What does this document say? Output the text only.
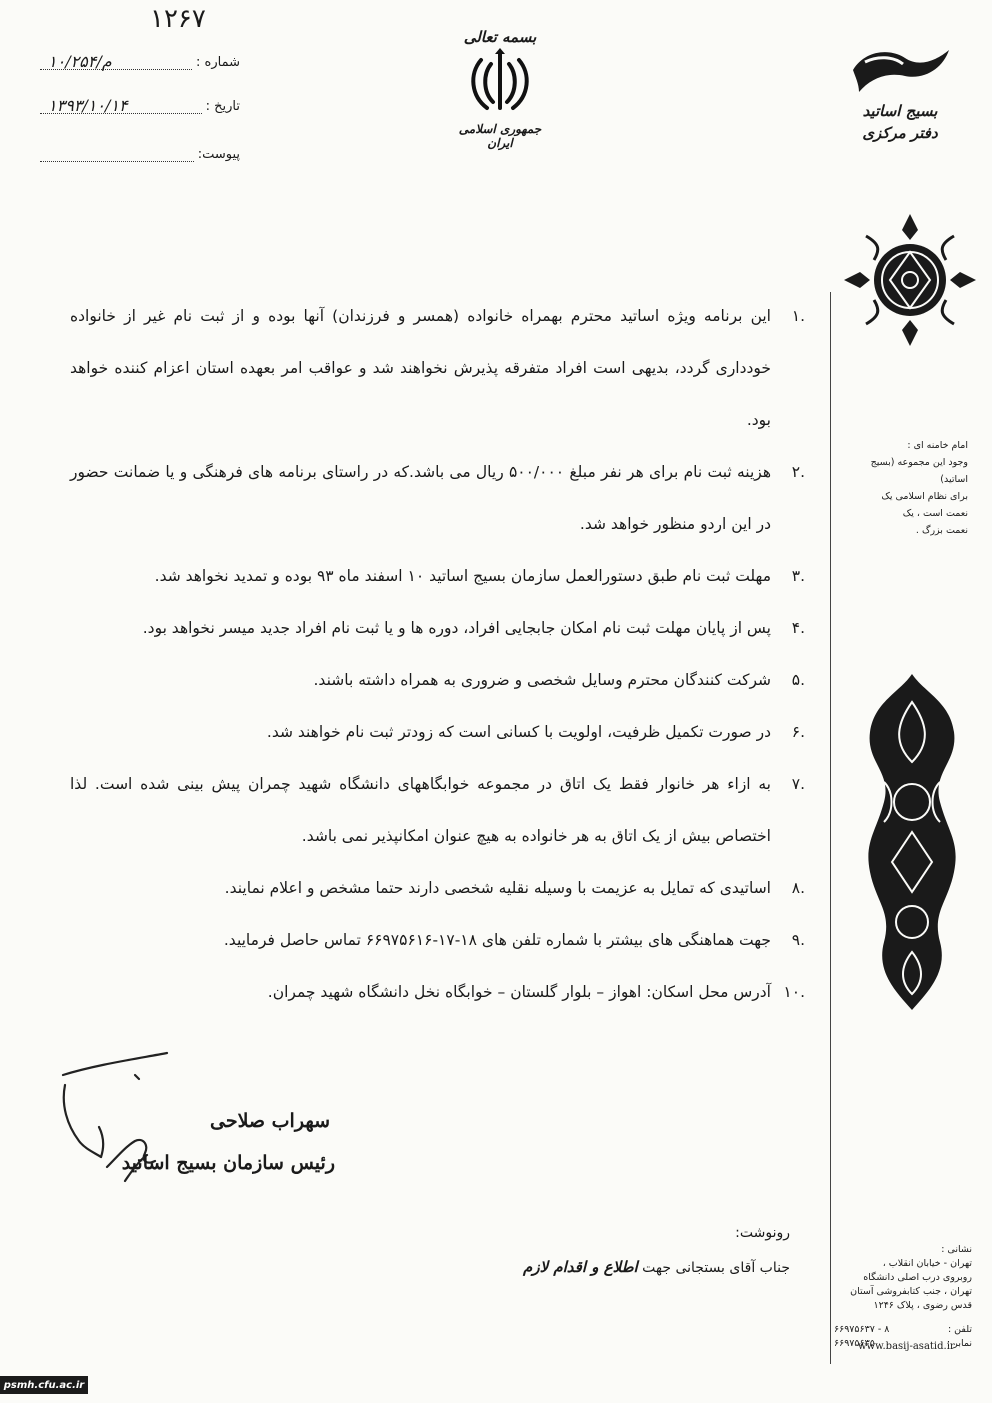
۱۲۶۷
شماره :
۱۰/۲۵۴/م
تاریخ :
۱۳۹۳/۱۰/۱۴
پیوست:
بسمه تعالی
جمهوری اسلامی ایران
بسیج اساتید
دفتر مرکزی
امام خامنه ای :
وجود این مجموعه (بسیج اساتید)
برای نظام اسلامی یک
نعمت است ، یک
نعمت بزرگ .
نشانی :
تهران - خیابان انقلاب ،
روبروی درب اصلی دانشگاه
تهران ، جنب کتابفروشی آستان
قدس رضوی ، پلاک ۱۲۴۶
تلفن :
۸ - ۶۶۹۷۵۶۳۷
نمابر :
۶۶۹۷۵۶۳۵
www.basij-asatid.ir
.۱
این برنامه ویژه اساتید محترم بهمراه خانواده (همسر و فرزندان) آنها بوده و از ثبت نام غیر از خانواده خودداری گردد، بدیهی است افراد متفرقه پذیرش نخواهند شد و عواقب امر بعهده استان اعزام کننده خواهد بود.
.۲
هزینه ثبت نام برای هر نفر مبلغ ۵۰۰/۰۰۰ ریال می باشد.که در راستای برنامه های فرهنگی و یا ضمانت حضور در این اردو منظور خواهد شد.
.۳
مهلت ثبت نام طبق دستورالعمل سازمان بسیج اساتید ۱۰ اسفند ماه ۹۳ بوده و تمدید نخواهد شد.
.۴
پس از پایان مهلت ثبت نام امکان جابجایی افراد، دوره ها و یا ثبت نام افراد جدید میسر نخواهد بود.
.۵
شرکت کنندگان محترم وسایل شخصی و ضروری به همراه داشته باشند.
.۶
در صورت تکمیل ظرفیت، اولویت با کسانی است که زودتر ثبت نام خواهند شد.
.۷
به ازاء هر خانوار فقط یک اتاق در مجموعه خوابگاههای دانشگاه شهید چمران پیش بینی شده است. لذا اختصاص بیش از یک اتاق به هر خانواده به هیچ عنوان امکانپذیر نمی باشد.
.۸
اساتیدی که تمایل به عزیمت با وسیله نقلیه شخصی دارند حتما مشخص و اعلام نمایند.
.۹
جهت هماهنگی های بیشتر با شماره تلفن های ۱۸-۱۷-۶۶۹۷۵۶۱۶ تماس حاصل فرمایید.
.۱۰
آدرس محل اسکان: اهواز – بلوار گلستان – خوابگاه نخل دانشگاه شهید چمران.
سهراب صلاحی
رئیس سازمان بسیج اساتید
رونوشت:
جناب آقای بستجانی جهت اطلاع و اقدام لازم
psmh.cfu.ac.ir
